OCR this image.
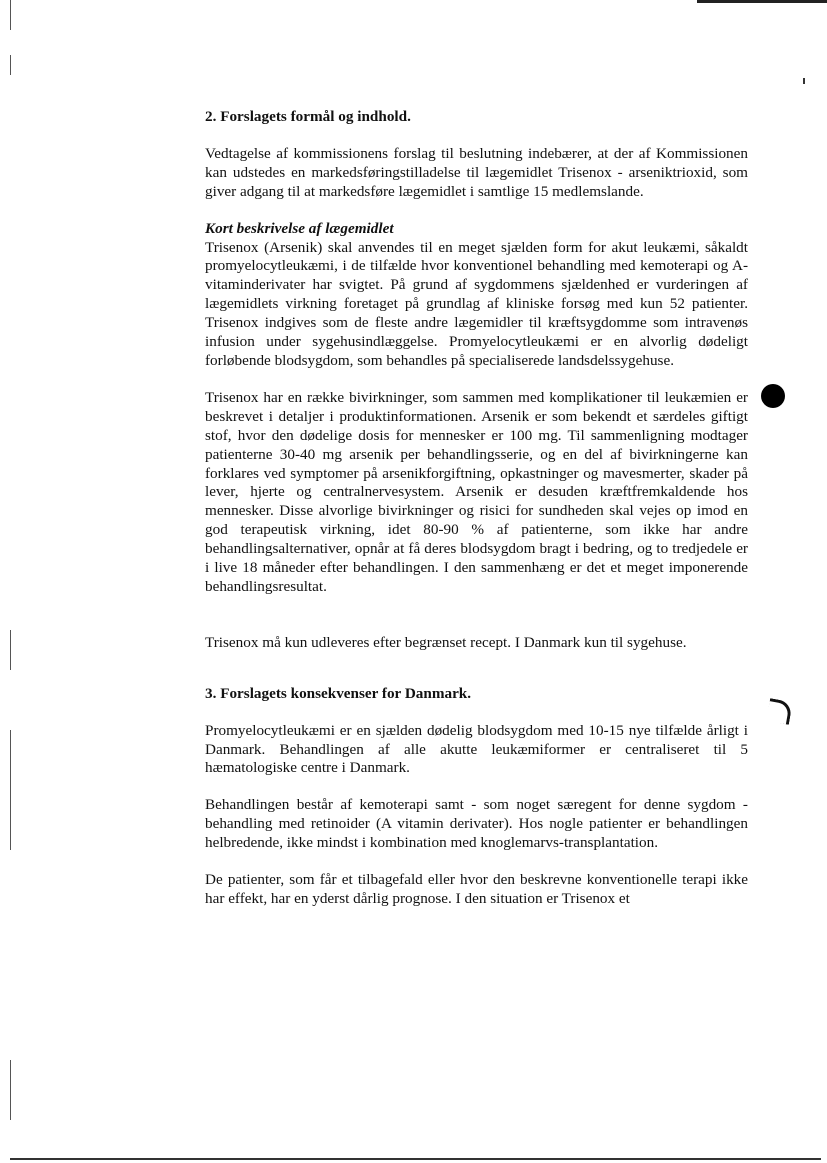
2. Forslagets formål og indhold.

Vedtagelse af kommissionens forslag til beslutning indebærer, at der af Kommissionen kan udstedes en markedsføringstilladelse til lægemidlet Trisenox - arseniktrioxid, som giver adgang til at markedsføre lægemidlet i samtlige 15 medlemslande.

Kort beskrivelse af lægemidlet

Trisenox (Arsenik) skal anvendes til en meget sjælden form for akut leukæmi, såkaldt promyelocytleukæmi, i de tilfælde hvor konventionel behandling med kemoterapi og A-vitaminderivater har svigtet. På grund af sygdommens sjældenhed er vurderingen af lægemidlets virkning foretaget på grundlag af kliniske forsøg med kun 52 patienter. Trisenox indgives som de fleste andre lægemidler til kræftsygdomme som intravenøs infusion under sygehusindlæggelse. Promyelocytleukæmi er en alvorlig dødeligt forløbende blodsygdom, som behandles på specialiserede landsdelssygehuse.

Trisenox har en række bivirkninger, som sammen med komplikationer til leukæmien er beskrevet i detaljer i produktinformationen. Arsenik er som bekendt et særdeles giftigt stof, hvor den dødelige dosis for mennesker er 100 mg. Til sammenligning modtager patienterne 30-40 mg arsenik per behandlingsserie, og en del af bivirkningerne kan forklares ved symptomer på arsenikforgiftning, opkastninger og mavesmerter, skader på lever, hjerte og centralnervesystem. Arsenik er desuden kræftfremkaldende hos mennesker. Disse alvorlige bivirkninger og risici for sundheden skal vejes op imod en god terapeutisk virkning, idet 80-90 % af patienterne, som ikke har andre behandlingsalternativer, opnår at få deres blodsygdom bragt i bedring, og to tredjedele er i live 18 måneder efter behandlingen. I den sammenhæng er det et meget imponerende behandlingsresultat.

Trisenox må kun udleveres efter begrænset recept. I Danmark kun til sygehuse.

3. Forslagets konsekvenser for Danmark.

Promyelocytleukæmi er en sjælden dødelig blodsygdom med 10-15 nye tilfælde årligt i Danmark. Behandlingen af alle akutte leukæmiformer er centraliseret til 5 hæmatologiske centre i Danmark.

Behandlingen består af kemoterapi samt - som noget særegent for denne sygdom - behandling med retinoider (A vitamin derivater). Hos nogle patienter er behandlingen helbredende, ikke mindst i kombination med knoglemarvs-transplantation.

De patienter, som får et tilbagefald eller hvor den beskrevne konventionelle terapi ikke har effekt, har en yderst dårlig prognose. I den situation er Trisenox et
